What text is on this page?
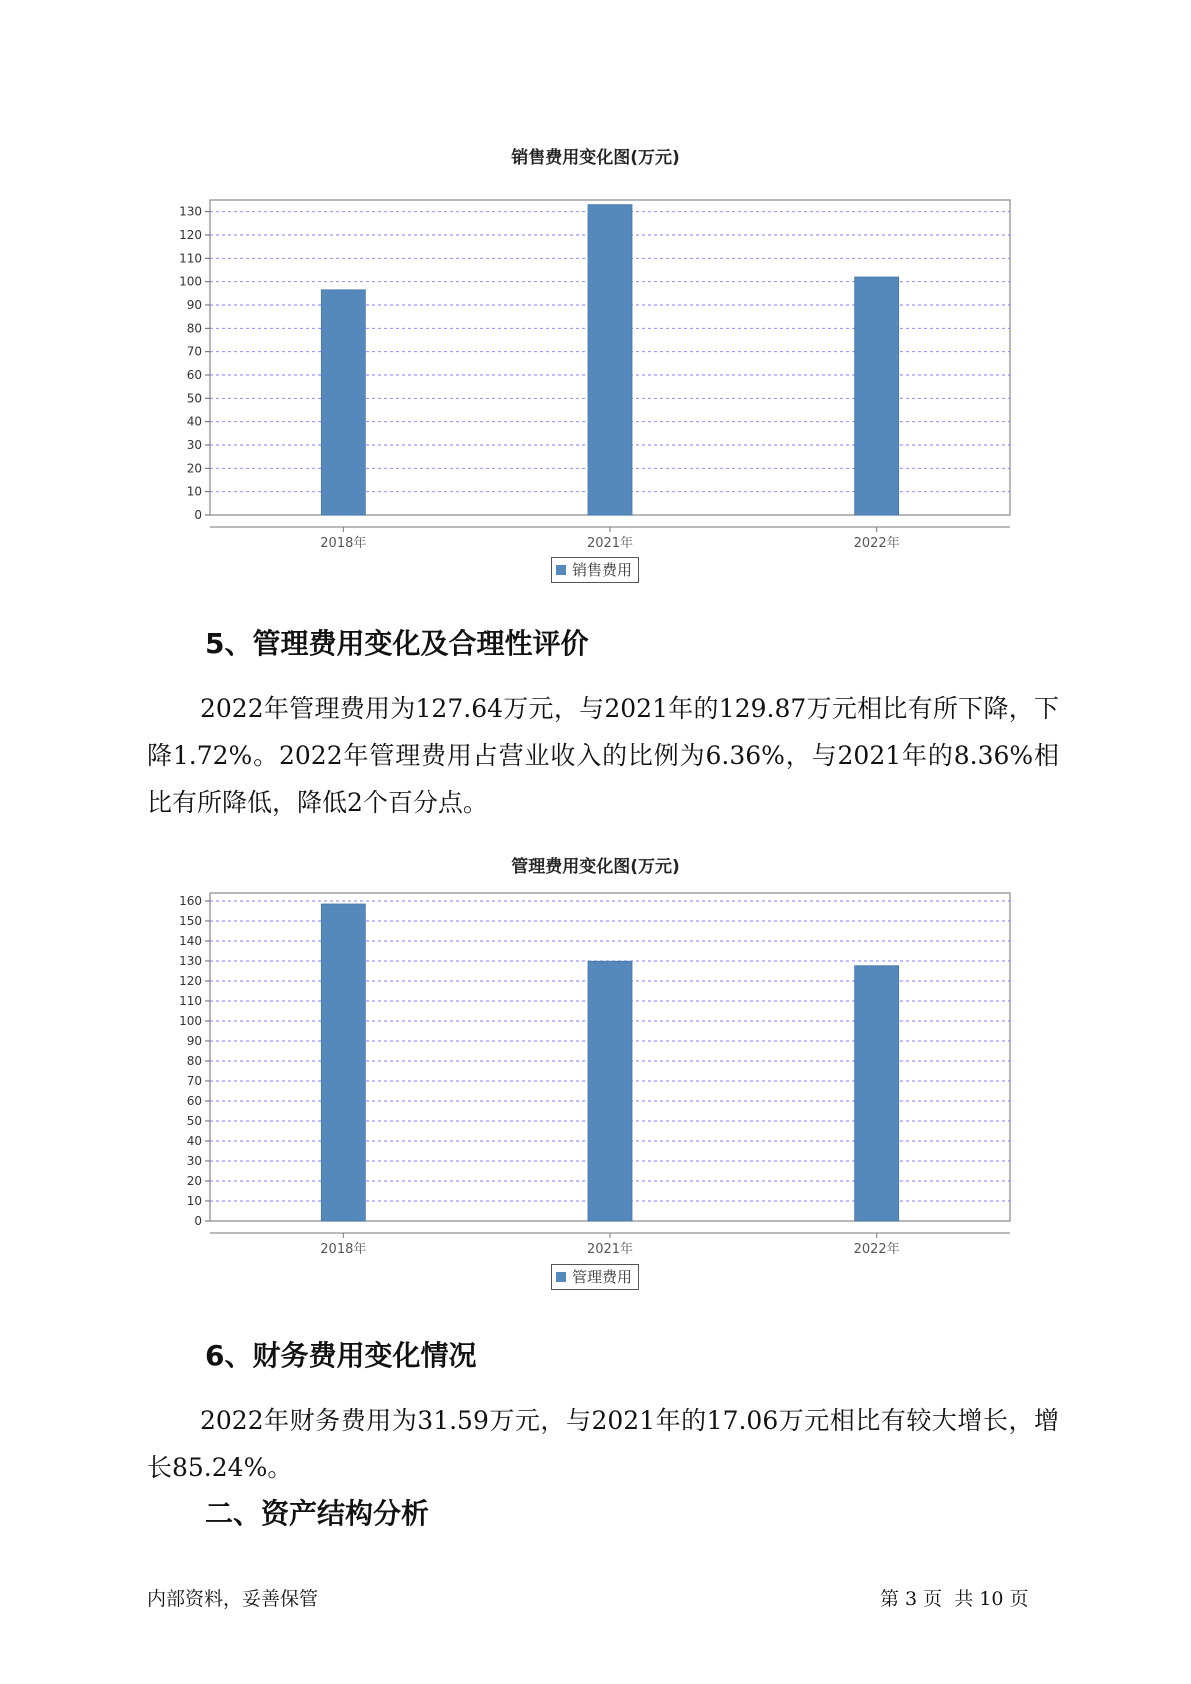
销售费用变化图(万元)
0
10
20
30
40
50
60
70
80
90
100
110
120
130
2018年	2021年	2022年
销售费用
5、管理费用变化及合理性评价
2022年管理费用为127.64万元，与2021年的129.87万元相比有所下降，下降1.72%。2022年管理费用占营业收入的比例为6.36%，与2021年的8.36%相比有所降低，降低2个百分点。
管理费用变化图(万元)
0
10
20
30
40
50
60
70
80
90
100
110
120
130
140
150
160
2018年	2021年	2022年
管理费用
6、财务费用变化情况
2022年财务费用为31.59万元，与2021年的17.06万元相比有较大增长，增长85.24%。
二、资产结构分析
内部资料，妥善保管	第 3 页  共 10 页
